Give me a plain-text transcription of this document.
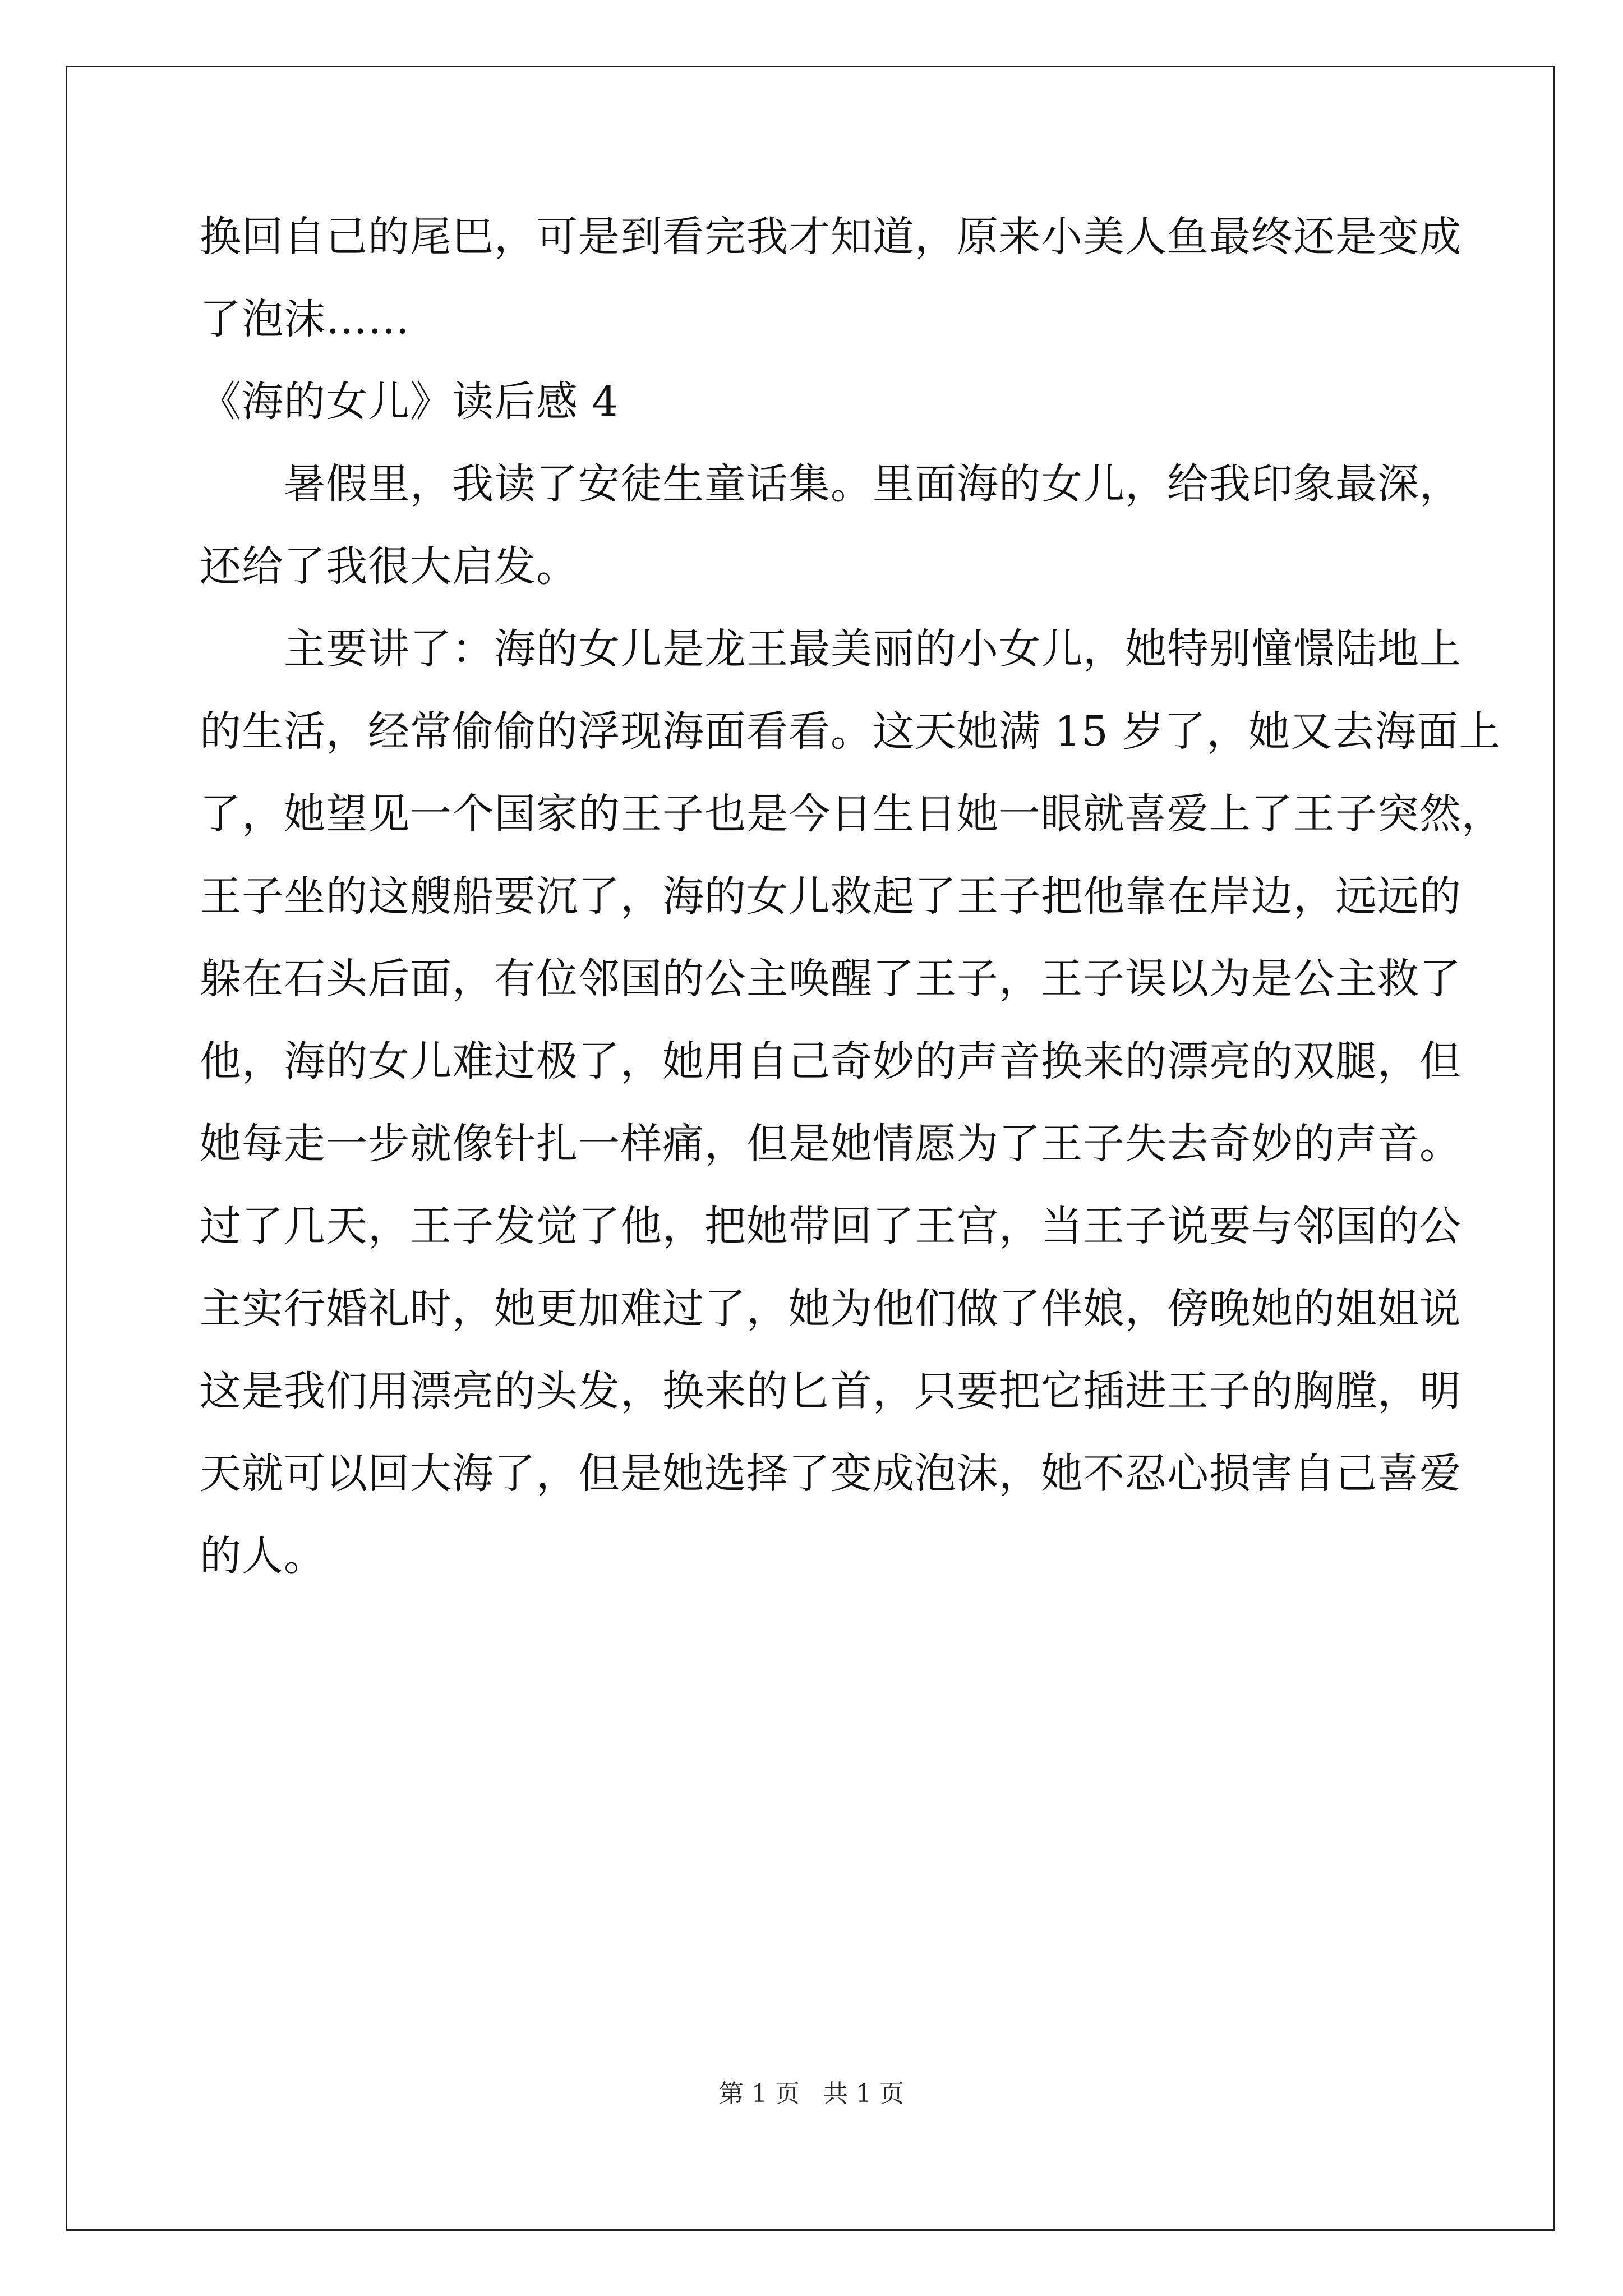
换回自己的尾巴，可是到看完我才知道，原来小美人鱼最终还是变成
了泡沫……
《海的女儿》读后感 4
　　暑假里，我读了安徒生童话集。里面海的女儿，给我印象最深，
还给了我很大启发。
　　主要讲了：海的女儿是龙王最美丽的小女儿，她特别憧憬陆地上
的生活，经常偷偷的浮现海面看看。这天她满 15 岁了，她又去海面上
了，她望见一个国家的王子也是今日生日她一眼就喜爱上了王子突然，
王子坐的这艘船要沉了，海的女儿救起了王子把他靠在岸边，远远的
躲在石头后面，有位邻国的公主唤醒了王子，王子误以为是公主救了
他，海的女儿难过极了，她用自己奇妙的声音换来的漂亮的双腿，但
她每走一步就像针扎一样痛，但是她情愿为了王子失去奇妙的声音。
过了几天，王子发觉了他，把她带回了王宫，当王子说要与邻国的公
主实行婚礼时，她更加难过了，她为他们做了伴娘，傍晚她的姐姐说
这是我们用漂亮的头发，换来的匕首，只要把它插进王子的胸膛，明
天就可以回大海了，但是她选择了变成泡沫，她不忍心损害自己喜爱
的人。
第 1 页   共 1 页
